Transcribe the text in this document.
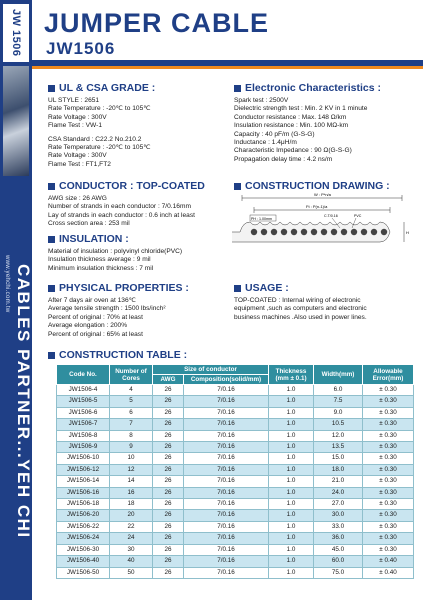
JW 1506
www.yehchi.com.tw CABLES PARTNER...YEH CHI
JUMPER CABLE
JW1506
UL & CSA GRADE :
UL STYLE : 2651
Rate Temperature : -20℃ to 105℃
Rate Voltage : 300V
Flame Test : VW-1
CSA Standard : C22.2 No.210.2
Rate Temperature : -20℃ to 105℃
Rate Voltage : 300V
Flame Test : FT1,FT2
CONDUCTOR : TOP-COATED
AWG size : 26 AWG
Number of strands in each conductor : 7/0.16mm
Lay of strands in each conductor : 0.6 inch at least
Cross section area : 253 mil
INSULATION :
Material of insulation : polyvinyl chloride(PVC)
Insulation thickness average : 9 mil
Minimum insulation thickness : 7 mil
PHYSICAL PROPERTIES :
After 7 days air oven at 136℃
Average tensile strength : 1500 lbs/inch²
Percent of original : 70% at least
Average elongation : 200%
Percent of original : 65% at least
Electronic Characteristics :
Spark test : 2500V
Dielectric strength test : Min. 2 KV in 1 minute
Conductor resistance : Max. 148 Ω/km
Insulation resistance : Min. 100 MΩ-km
Capacity : 40 pF/m (G-S-G)
Inductance : 1.4μH/m
Characteristic Impedance : 90 Ω(G-S-G)
Propagation delay time : 4.2 ns/m
CONSTRUCTION DRAWING :
W : P*n/a
Ft : P(n-1)/a
PH : 1.00mm
C.T/0.16	PVC
H
USAGE :
TOP-COATED : Internal wiring of electronic
equipment ,such as computers and electronic
business machines .Also used in power lines.
CONSTRUCTION TABLE :
Code No.	Number of Cores	Size of conductor		Thickness (mm ± 0.1)	Width(mm)	Allowable Error(mm)
		AWG	Composition(solid/mm)			
JW1506-4	4	26	7/0.16	1.0	6.0	± 0.30
JW1506-5	5	26	7/0.16	1.0	7.5	± 0.30
JW1506-6	6	26	7/0.16	1.0	9.0	± 0.30
JW1506-7	7	26	7/0.16	1.0	10.5	± 0.30
JW1506-8	8	26	7/0.16	1.0	12.0	± 0.30
JW1506-9	9	26	7/0.16	1.0	13.5	± 0.30
JW1506-10	10	26	7/0.16	1.0	15.0	± 0.30
JW1506-12	12	26	7/0.16	1.0	18.0	± 0.30
JW1506-14	14	26	7/0.16	1.0	21.0	± 0.30
JW1506-16	16	26	7/0.16	1.0	24.0	± 0.30
JW1506-18	18	26	7/0.16	1.0	27.0	± 0.30
JW1506-20	20	26	7/0.16	1.0	30.0	± 0.30
JW1506-22	22	26	7/0.16	1.0	33.0	± 0.30
JW1506-24	24	26	7/0.16	1.0	36.0	± 0.30
JW1506-30	30	26	7/0.16	1.0	45.0	± 0.30
JW1506-40	40	26	7/0.16	1.0	60.0	± 0.40
JW1506-50	50	26	7/0.16	1.0	75.0	± 0.40
